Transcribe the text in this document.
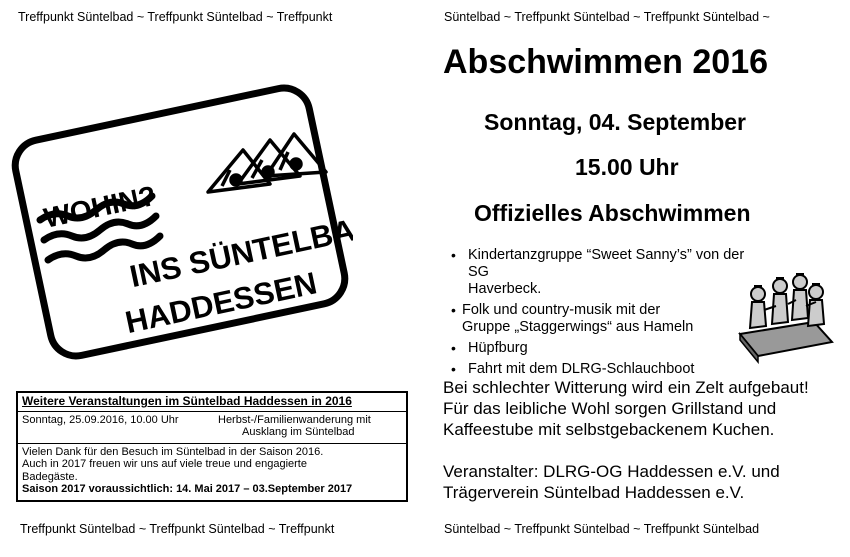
Treffpunkt Süntelbad ~ Treffpunkt Süntelbad ~ Treffpunkt	Süntelbad ~ Treffpunkt Süntelbad ~ Treffpunkt Süntelbad ~
WOHIN?
INS SÜNTELBAD
HADDESSEN
Abschwimmen 2016
Sonntag, 04. September
15.00 Uhr
Offizielles Abschwimmen
• Kindertanzgruppe “Sweet Sanny’s” von der SG
Haverbeck.
• Folk und country-musik mit der
Gruppe „Staggerwings“ aus Hameln
• Hüpfburg
• Fahrt mit dem DLRG-Schlauchboot
Bei schlechter Witterung wird ein Zelt aufgebaut!
Für das leibliche Wohl sorgen Grillstand und
Kaffeestube mit selbstgebackenem Kuchen.
Veranstalter: DLRG-OG Haddessen e.V. und
Trägerverein Süntelbad Haddessen e.V.
Weitere Veranstaltungen im Süntelbad Haddessen in 2016
Sonntag, 25.09.2016, 10.00 Uhr	Herbst-/Familienwanderung mit
Ausklang im Süntelbad
Vielen Dank für den Besuch im Süntelbad in der Saison 2016.
Auch in 2017 freuen wir uns auf viele treue und engagierte
Badegäste.
Saison 2017 voraussichtlich: 14. Mai 2017 – 03.September 2017
Treffpunkt Süntelbad ~ Treffpunkt Süntelbad ~ Treffpunkt	Süntelbad ~ Treffpunkt Süntelbad ~ Treffpunkt Süntelbad
